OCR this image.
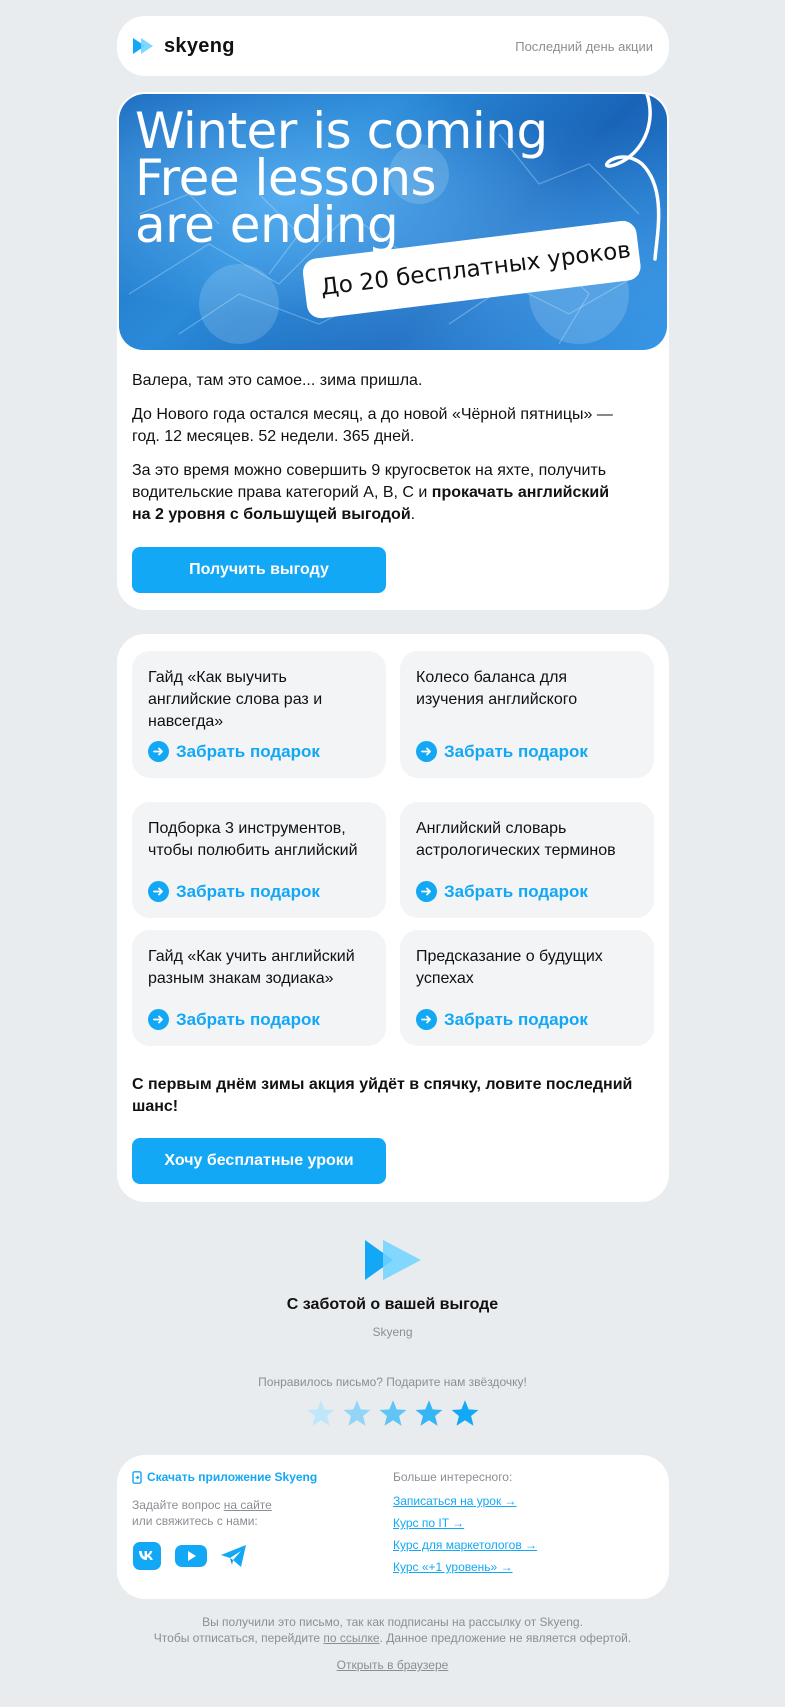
skyeng	Последний день акции
Winter is coming
Free lessons
are ending
До 20 бесплатных уроков

Валера, там это самое... зима пришла.

До Нового года остался месяц, а до новой «Чёрной пятницы» — год. 12 месяцев. 52 недели. 365 дней.

За это время можно совершить 9 кругосветок на яхте, получить водительские права категорий A, B, C и прокачать английский на 2 уровня с большущей выгодой.

Получить выгоду
Гайд «Как выучить английские слова раз и навсегда»
Забрать подарок
Колесо баланса для изучения английского
Забрать подарок
Подборка 3 инструментов, чтобы полюбить английский
Забрать подарок
Английский словарь астрологических терминов
Забрать подарок
Гайд «Как учить английский разным знакам зодиака»
Забрать подарок
Предсказание о будущих успехах
Забрать подарок
С первым днём зимы акция уйдёт в спячку, ловите последний шанс!
Хочу бесплатные уроки
С заботой о вашей выгоде
Skyeng
Понравилось письмо? Подарите нам звёздочку!
Скачать приложение Skyeng
Задайте вопрос на сайте
или свяжитесь с нами:
Больше интересного:
Записаться на урок →
Курс по IT →
Курс для маркетологов →
Курс «+1 уровень» →
Вы получили это письмо, так как подписаны на рассылку от Skyeng.
Чтобы отписаться, перейдите по ссылке. Данное предложение не является офертой.
Открыть в браузере
